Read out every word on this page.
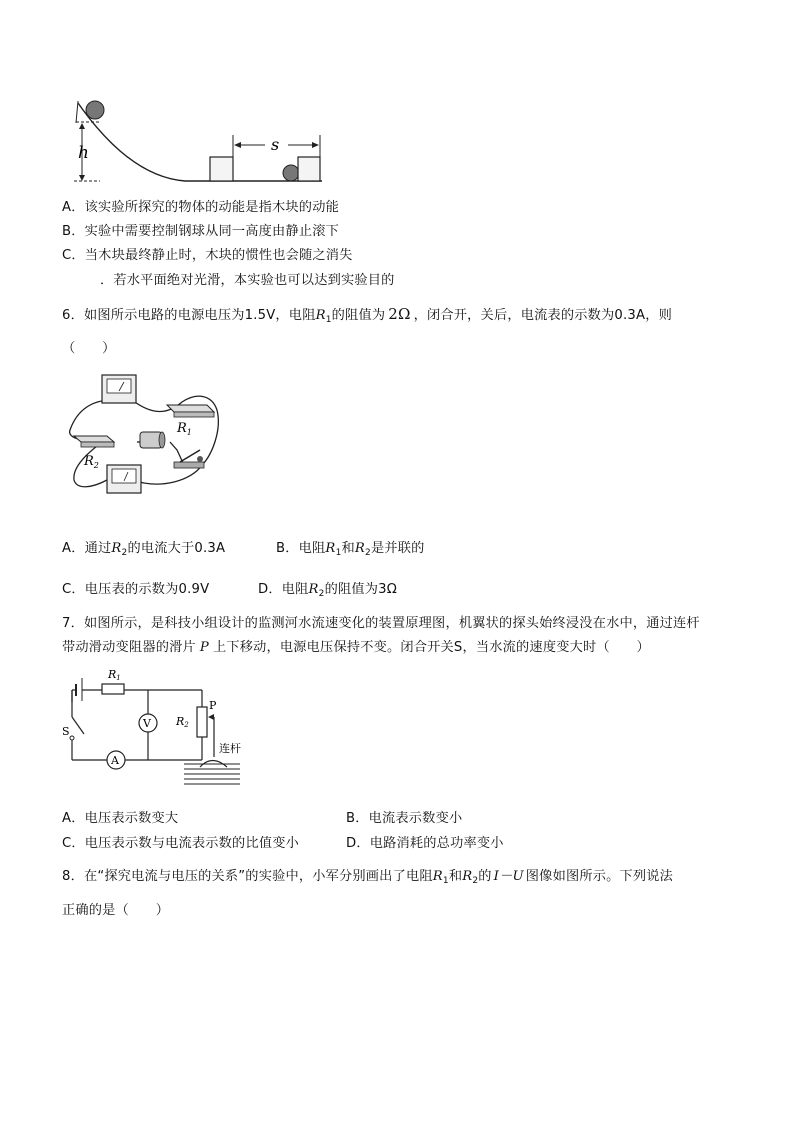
h	s
A．该实验所探究的物体的动能是指木块的动能
B．实验中需要控制钢球从同一高度由静止滚下
C．当木块最终静止时，木块的惯性也会随之消失
．若水平面绝对光滑，本实验也可以达到实验目的
6．如图所示电路的电源电压为1.5V，电阻$R_1$的阻值为 2Ω ，闭合开，关后，电流表的示数为0.3A，则
（　　）
$R_1$
$R_2$
A．通过$R_2$的电流大于0.3A	B．电阻$R_1$和$R_2$是并联的
C．电压表的示数为0.9V	D．电阻$R_2$的阻值为3Ω
7．如图所示，是科技小组设计的监测河水流速变化的装置原理图，机翼状的探头始终浸没在水中，通过连杆
带动滑动变阻器的滑片 P 上下移动，电源电压保持不变。闭合开关S，当水流的速度变大时（　　）
R1
S
A
V R2
P
连杆
A．电压表示数变大	B．电流表示数变小
C．电压表示数与电流表示数的比值变小	D．电路消耗的总功率变小
8．在“探究电流与电压的关系”的实验中，小军分别画出了电阻$R_1$和$R_2$的 I－U 图像如图所示。下列说法
正确的是（　　）
